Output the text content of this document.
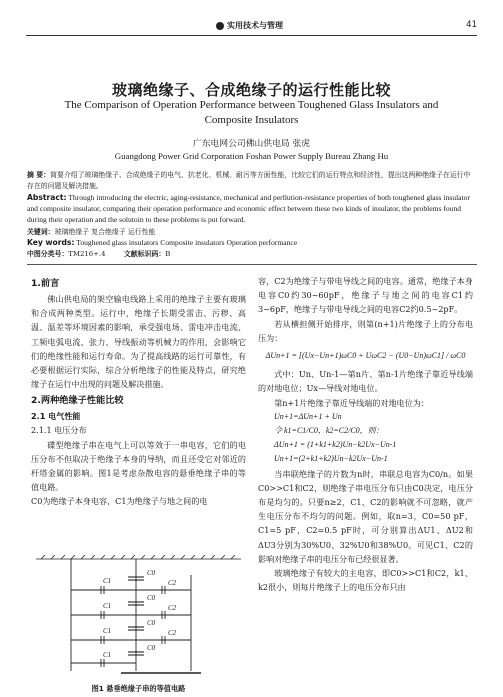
实用技术与管理	41
玻璃绝缘子、合成绝缘子的运行性能比较
The Comparison of Operation Performance between Toughened Glass Insulators and Composite Insulators
广东电网公司佛山供电局 张虎
Guangdong Power Grid Corporation Foshan Power Supply Bureau Zhang Hu
摘 要：简要介绍了玻璃绝缘子、合成绝缘子的电气、抗老化、机械、耐污等方面性能，比较它们的运行特点和经济性，提出这两种绝缘子在运行中存在的问题及解决措施。
Abstract: Through introducing the electric, aging-resistance, mechanical and perllution-resistance properties of both toughened glass insulator and composite insulator, comparing their operation performance and economic effect between these two kinds of insulator, the problems found during their operation and the solutoin to these problems is put forward.
关键词：玻璃绝缘子 复合绝缘子 运行性能
Key words: Toughened glass insulators Composite insulators Operation performance
中图分类号：TM216+.4	文献标识码：B
1.前言

佛山供电局的架空输电线路上采用的绝缘子主要有玻璃和合成两种类型。运行中，绝缘子长期受雷击、污秽、高温、温差等环境因素的影响，承受强电场、雷电冲击电流、工频电弧电流、张力、导线振动等机械力的作用，会影响它们的绝缘性能和运行寿命。为了提高线路的运行可靠性，有必要根据运行实际，综合分析绝缘子的性能及特点，研究绝缘子在运行中出现的问题及解决措施。

2.两种绝缘子性能比较
2.1 电气性能
2.1.1 电压分布

碟型绝缘子串在电气上可以等效于一串电容，它们的电压分布不但取决于绝缘子本身的导纳，而且还受它对邻近的杆塔金属的影响。图1是考虑杂散电容的悬垂绝缘子串的等值电路。

C0为绝缘子本身电容，C1为绝缘子与地之间的电

C1
C1
C1
C1
C0
C0
C0
C0
C2
C2
C2
图1 悬垂绝缘子串的等值电路

容，C2为绝缘子与带电导线之间的电容。通常，绝缘子本身电容C0约30~60pF，绝缘子与地之间的电容C1约3~6pF，绝缘子与带电导线之间的电容C2约0.5~2pF。

若从横担侧开始排序，则第(n+1)片绝缘子上的分布电压为：

ΔUn+1 = [(Ux−Un+1)ωC0 + UωC2 − (U0−Un)ωC1] / ωC0

式中：Un、Un-1—第n片、第n-1片绝缘子靠近导线端的对地电位；Ux—导线对地电位。

第n+1片绝缘子靠近导线端的对地电位为：

Un+1=ΔUn+1 + Un

令 k1=C1/C0，k2=C2/C0，则：

ΔUn+1 = (1+k1+k2)Un−k2Ux−Un-1

Un+1=(2+k1+k2)Un−k2Ux−Un-1

当串联绝缘子的片数为n时，串联总电容为C0/n。如果C0>>C1和C2，则绝缘子串电压分布只由C0决定，电压分布是均匀的。只要n≥2，C1、C2的影响就不可忽略，就产生电压分布不均匀的问题。例如，取n=3，C0=50 pF，C1=5 pF，C2=0.5 pF时，可分别算出ΔU1、ΔU2和ΔU3分别为30%U0、32%U0和38%U0。可见C1、C2的影响对绝缘子串的电压分布已经很显著。

玻璃绝缘子有较大的主电容，即C0>>C1和C2，k1、k2很小，则每片绝缘子上的电压分布只由
